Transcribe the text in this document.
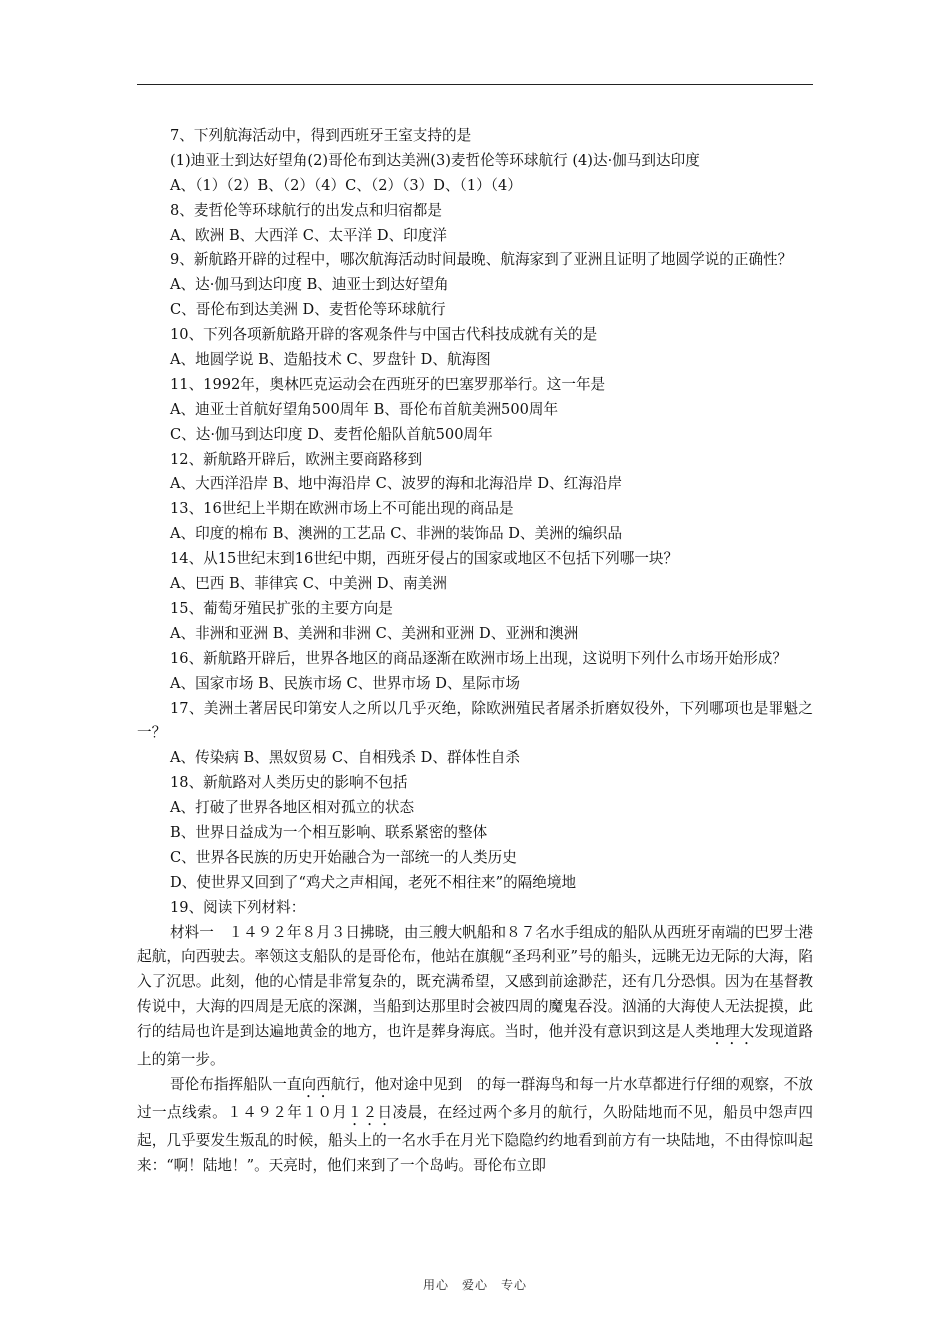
7、下列航海活动中，得到西班牙王室支持的是
(1)迪亚士到达好望角(2)哥伦布到达美洲(3)麦哲伦等环球航行 (4)达·伽马到达印度
A、（1）（2）B、（2）（4）C、（2）（3）D、（1）（4）
8、麦哲伦等环球航行的出发点和归宿都是
A、欧洲 B、大西洋 C、太平洋 D、印度洋
9、新航路开辟的过程中，哪次航海活动时间最晚、航海家到了亚洲且证明了地圆学说的正确性？
A、达·伽马到达印度 B、迪亚士到达好望角
C、哥伦布到达美洲 D、麦哲伦等环球航行
10、下列各项新航路开辟的客观条件与中国古代科技成就有关的是
A、地圆学说 B、造船技术 C、罗盘针 D、航海图
11、1992年，奥林匹克运动会在西班牙的巴塞罗那举行。这一年是
A、迪亚士首航好望角500周年 B、哥伦布首航美洲500周年
C、达·伽马到达印度 D、麦哲伦船队首航500周年
12、新航路开辟后，欧洲主要商路移到
A、大西洋沿岸 B、地中海沿岸 C、波罗的海和北海沿岸 D、红海沿岸
13、16世纪上半期在欧洲市场上不可能出现的商品是
A、印度的棉布 B、澳洲的工艺品 C、非洲的装饰品 D、美洲的编织品
14、从15世纪末到16世纪中期，西班牙侵占的国家或地区不包括下列哪一块？
A、巴西 B、菲律宾 C、中美洲 D、南美洲
15、葡萄牙殖民扩张的主要方向是
A、非洲和亚洲 B、美洲和非洲 C、美洲和亚洲 D、亚洲和澳洲
16、新航路开辟后，世界各地区的商品逐渐在欧洲市场上出现，这说明下列什么市场开始形成？
A、国家市场 B、民族市场 C、世界市场 D、星际市场
17、美洲土著居民印第安人之所以几乎灭绝，除欧洲殖民者屠杀折磨奴役外，下列哪项也是罪魁之一？
A、传染病 B、黑奴贸易 C、自相残杀 D、群体性自杀
18、新航路对人类历史的影响不包括
A、打破了世界各地区相对孤立的状态
B、世界日益成为一个相互影响、联系紧密的整体
C、世界各民族的历史开始融合为一部统一的人类历史
D、使世界又回到了“鸡犬之声相闻，老死不相往来”的隔绝境地
19、阅读下列材料：
材料一　１４９２年８月３日拂晓，由三艘大帆船和８７名水手组成的船队从西班牙南端的巴罗士港起航，向西驶去。率领这支船队的是哥伦布，他站在旗舰“圣玛利亚”号的船头，远眺无边无际的大海，陷入了沉思。此刻，他的心情是非常复杂的，既充满希望，又感到前途渺茫，还有几分恐惧。因为在基督教传说中，大海的四周是无底的深渊，当船到达那里时会被四周的魔鬼吞没。汹涌的大海使人无法捉摸，此行的结局也许是到达遍地黄金的地方，也许是葬身海底。当时，他并没有意识到这是人类地理大发现道路上的第一步。
哥伦布指挥船队一直向西航行，他对途中见到　的每一群海鸟和每一片水草都进行仔细的观察，不放过一点线索。１４９２年１０月１２日凌晨，在经过两个多月的航行，久盼陆地而不见，船员中怨声四起，几乎要发生叛乱的时候，船头上的一名水手在月光下隐隐约约地看到前方有一块陆地，不由得惊叫起来：“啊！陆地！”。天亮时，他们来到了一个岛屿。哥伦布立即
用心　爱心　专心
